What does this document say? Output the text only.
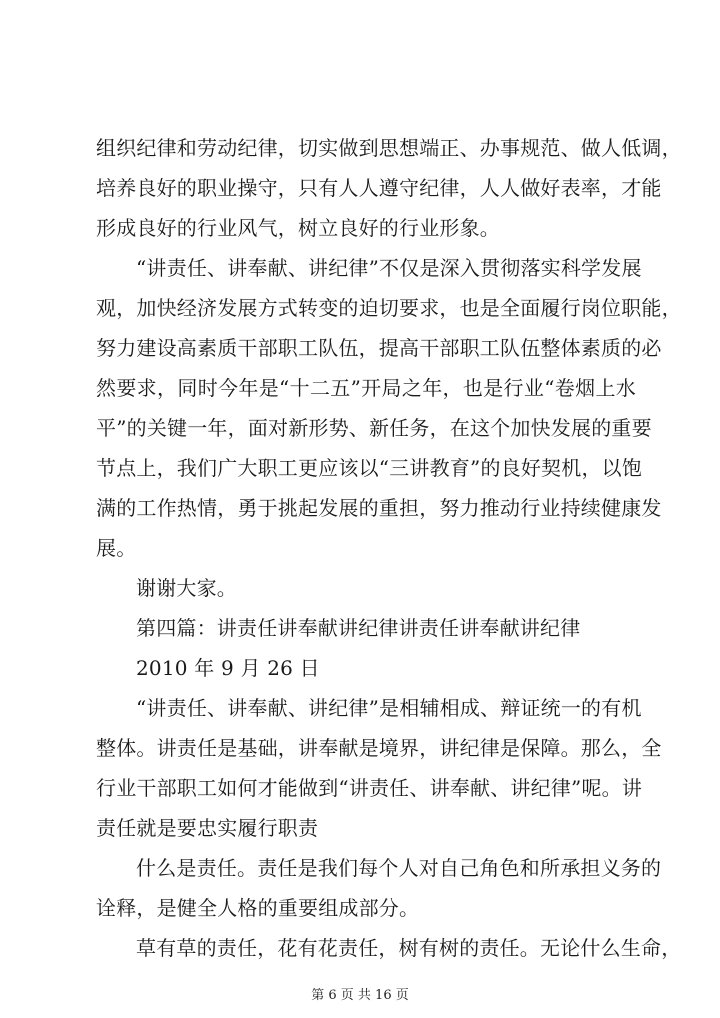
组织纪律和劳动纪律，切实做到思想端正、办事规范、做人低调，
培养良好的职业操守，只有人人遵守纪律，人人做好表率，才能
形成良好的行业风气，树立良好的行业形象。
“讲责任、讲奉献、讲纪律”不仅是深入贯彻落实科学发展
观，加快经济发展方式转变的迫切要求，也是全面履行岗位职能，
努力建设高素质干部职工队伍，提高干部职工队伍整体素质的必
然要求，同时今年是“十二五”开局之年，也是行业“卷烟上水
平”的关键一年，面对新形势、新任务，在这个加快发展的重要
节点上，我们广大职工更应该以“三讲教育”的良好契机，以饱
满的工作热情，勇于挑起发展的重担，努力推动行业持续健康发
展。
谢谢大家。
第四篇：讲责任讲奉献讲纪律讲责任讲奉献讲纪律
2010 年 9 月 26 日
“讲责任、讲奉献、讲纪律”是相辅相成、辩证统一的有机
整体。讲责任是基础，讲奉献是境界，讲纪律是保障。那么，全
行业干部职工如何才能做到“讲责任、讲奉献、讲纪律”呢。讲
责任就是要忠实履行职责
什么是责任。责任是我们每个人对自己角色和所承担义务的
诠释，是健全人格的重要组成部分。
草有草的责任，花有花责任，树有树的责任。无论什么生命，
第 6 页 共 16 页
